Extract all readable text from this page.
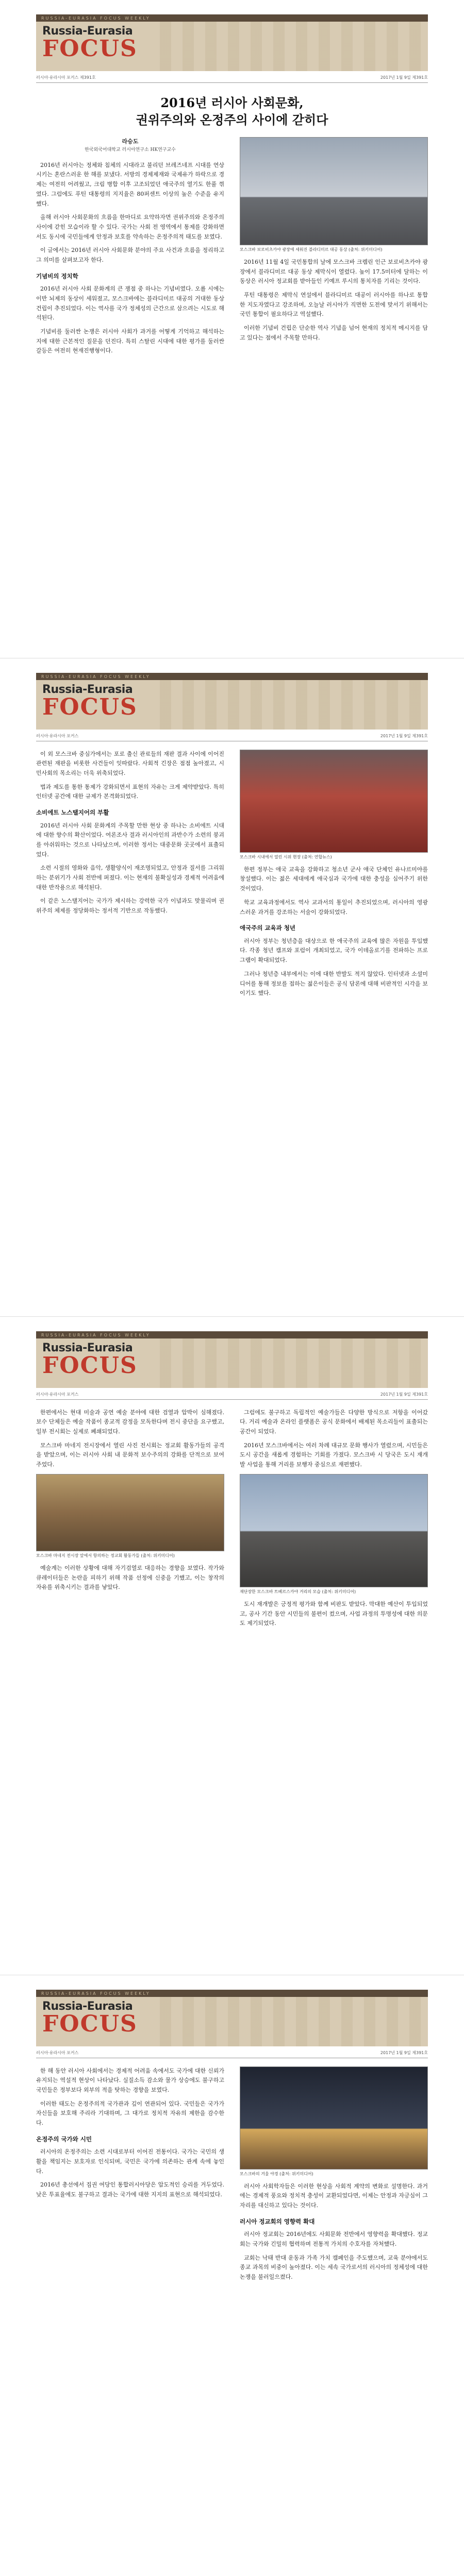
RUSSIA-EURASIA FOCUS WEEKLY
Russia-Eurasia
FOCUS
러시아·유라시아 포커스 제391호	2017년 1월 9일 제391호
2016년 러시아 사회문화,
권위주의와 온정주의 사이에 갇히다
라승도
한국외국어대학교 러시아연구소 HK연구교수

2016년 러시아는 정체와 침체의 시대라고 불리던 브레즈네프 시대를 연상시키는 혼란스러운 한 해를 보냈다. 서방의 경제제재와 국제유가 하락으로 경제는 여전히 어려웠고, 크림 병합 이후 고조되었던 애국주의 열기도 한풀 꺾였다. 그럼에도 푸틴 대통령의 지지율은 80퍼센트 이상의 높은 수준을 유지했다.

올해 러시아 사회문화의 흐름을 한마디로 요약하자면 권위주의와 온정주의 사이에 갇힌 모습이라 할 수 있다. 국가는 사회 전 영역에서 통제를 강화하면서도 동시에 국민들에게 안정과 보호를 약속하는 온정주의적 태도를 보였다.

이 글에서는 2016년 러시아 사회문화 분야의 주요 사건과 흐름을 정리하고 그 의미를 살펴보고자 한다.

기념비의 정치학

2016년 러시아 사회 문화계의 큰 쟁점 중 하나는 기념비였다. 오룔 시에는 이반 뇌제의 동상이 세워졌고, 모스크바에는 블라디미르 대공의 거대한 동상 건립이 추진되었다. 이는 역사를 국가 정체성의 근간으로 삼으려는 시도로 해석된다.

기념비를 둘러싼 논쟁은 러시아 사회가 과거를 어떻게 기억하고 해석하는지에 대한 근본적인 질문을 던진다. 특히 스탈린 시대에 대한 평가를 둘러싼 갈등은 여전히 현재진행형이다.

모스크바 보로비츠카야 광장에 세워진 블라디미르 대공 동상 (출처: 위키미디어)

2016년 11월 4일 국민통합의 날에 모스크바 크렘린 인근 보로비츠카야 광장에서 블라디미르 대공 동상 제막식이 열렸다. 높이 17.5미터에 달하는 이 동상은 러시아 정교회를 받아들인 키예프 루시의 통치자를 기리는 것이다.

푸틴 대통령은 제막식 연설에서 블라디미르 대공이 러시아를 하나로 통합한 지도자였다고 강조하며, 오늘날 러시아가 직면한 도전에 맞서기 위해서는 국민 통합이 필요하다고 역설했다.

이러한 기념비 건립은 단순한 역사 기념을 넘어 현재의 정치적 메시지를 담고 있다는 점에서 주목할 만하다.

RUSSIA-EURASIA FOCUS WEEKLY
Russia-Eurasia
FOCUS
러시아·유라시아 포커스	2017년 1월 9일 제391호

이 외 모스크바 중심가에서는 포로 출신 관료들의 재판 결과 사이에 이어진 관련된 재판을 비롯한 사건들이 잇따랐다. 사회적 긴장은 점점 높아졌고, 시민사회의 목소리는 더욱 위축되었다.

법과 제도를 통한 통제가 강화되면서 표현의 자유는 크게 제약받았다. 특히 인터넷 공간에 대한 규제가 본격화되었다.

소비에트 노스탤지어의 부활

2016년 러시아 사회 문화계의 주목할 만한 현상 중 하나는 소비에트 시대에 대한 향수의 확산이었다. 여론조사 결과 러시아인의 과반수가 소련의 붕괴를 아쉬워하는 것으로 나타났으며, 이러한 정서는 대중문화 곳곳에서 표출되었다.

소련 시절의 영화와 음악, 생활양식이 재조명되었고, 안정과 질서를 그리워하는 분위기가 사회 전반에 퍼졌다. 이는 현재의 불확실성과 경제적 어려움에 대한 반작용으로 해석된다.

이 같은 노스탤지어는 국가가 제시하는 강력한 국가 이념과도 맞물리며 권위주의 체제를 정당화하는 정서적 기반으로 작동했다.

모스크바 시내에서 열린 시위 현장 (출처: 연합뉴스)

한편 정부는 애국 교육을 강화하고 청소년 군사 애국 단체인 유나르미야를 창설했다. 이는 젊은 세대에게 애국심과 국가에 대한 충성을 심어주기 위한 것이었다.

학교 교육과정에서도 역사 교과서의 통일이 추진되었으며, 러시아의 영광스러운 과거를 강조하는 서술이 강화되었다.

애국주의 교육과 청년

러시아 정부는 청년층을 대상으로 한 애국주의 교육에 많은 자원을 투입했다. 각종 청년 캠프와 포럼이 개최되었고, 국가 이데올로기를 전파하는 프로그램이 확대되었다.

그러나 청년층 내부에서는 이에 대한 반발도 적지 않았다. 인터넷과 소셜미디어를 통해 정보를 접하는 젊은이들은 공식 담론에 대해 비판적인 시각을 보이기도 했다.

RUSSIA-EURASIA FOCUS WEEKLY
Russia-Eurasia
FOCUS
러시아·유라시아 포커스	2017년 1월 9일 제391호

한편에서는 현대 미술과 공연 예술 분야에 대한 검열과 압박이 심해졌다. 보수 단체들은 예술 작품이 종교적 감정을 모독한다며 전시 중단을 요구했고, 일부 전시회는 실제로 폐쇄되었다.

모스크바 마네지 전시장에서 열린 사진 전시회는 정교회 활동가들의 공격을 받았으며, 이는 러시아 사회 내 문화적 보수주의의 강화를 단적으로 보여주었다.

모스크바 마네지 전시장 앞에서 항의하는 정교회 활동가들 (출처: 위키미디어)

예술계는 이러한 상황에 대해 자기검열로 대응하는 경향을 보였다. 작가와 큐레이터들은 논란을 피하기 위해 작품 선정에 신중을 기했고, 이는 창작의 자유를 위축시키는 결과를 낳았다.

그럼에도 불구하고 독립적인 예술가들은 다양한 방식으로 저항을 이어갔다. 거리 예술과 온라인 플랫폼은 공식 문화에서 배제된 목소리들이 표출되는 공간이 되었다.

2016년 모스크바에서는 여러 차례 대규모 문화 행사가 열렸으며, 시민들은 도시 공간을 새롭게 경험하는 기회를 가졌다. 모스크바 시 당국은 도시 재개발 사업을 통해 거리를 보행자 중심으로 재편했다.

재단장한 모스크바 트베르스카야 거리의 모습 (출처: 위키미디어)

도시 재개발은 긍정적 평가와 함께 비판도 받았다. 막대한 예산이 투입되었고, 공사 기간 동안 시민들의 불편이 컸으며, 사업 과정의 투명성에 대한 의문도 제기되었다.

RUSSIA-EURASIA FOCUS WEEKLY
Russia-Eurasia
FOCUS
러시아·유라시아 포커스	2017년 1월 9일 제391호

한 해 동안 러시아 사회에서는 경제적 어려움 속에서도 국가에 대한 신뢰가 유지되는 역설적 현상이 나타났다. 실질소득 감소와 물가 상승에도 불구하고 국민들은 정부보다 외부의 적을 탓하는 경향을 보였다.

이러한 태도는 온정주의적 국가관과 깊이 연관되어 있다. 국민들은 국가가 자신들을 보호해 주리라 기대하며, 그 대가로 정치적 자유의 제한을 감수한다.

온정주의 국가와 시민

러시아의 온정주의는 소련 시대로부터 이어진 전통이다. 국가는 국민의 생활을 책임지는 보호자로 인식되며, 국민은 국가에 의존하는 관계 속에 놓인다.

2016년 총선에서 집권 여당인 통합러시아당은 압도적인 승리를 거두었다. 낮은 투표율에도 불구하고 결과는 국가에 대한 지지의 표현으로 해석되었다.

모스크바의 겨울 야경 (출처: 위키미디어)

러시아 사회학자들은 이러한 현상을 사회적 계약의 변화로 설명한다. 과거에는 경제적 풍요와 정치적 충성이 교환되었다면, 이제는 안정과 자긍심이 그 자리를 대신하고 있다는 것이다.

러시아 정교회의 영향력 확대

러시아 정교회는 2016년에도 사회문화 전반에서 영향력을 확대했다. 정교회는 국가와 긴밀히 협력하며 전통적 가치의 수호자를 자처했다.

교회는 낙태 반대 운동과 가족 가치 캠페인을 주도했으며, 교육 분야에서도 종교 과목의 비중이 높아졌다. 이는 세속 국가로서의 러시아의 정체성에 대한 논쟁을 불러일으켰다.
